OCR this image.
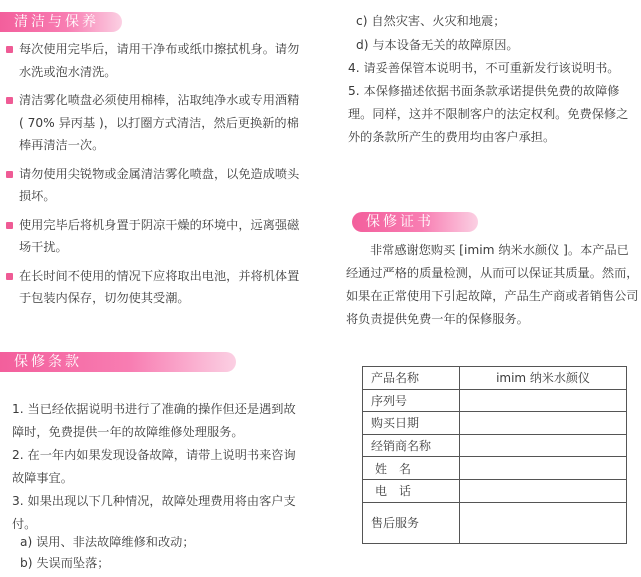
清洁与保养
每次使用完毕后，请用干净布或纸巾擦拭机身。请勿水洗或泡水清洗。
清洁雾化喷盘必须使用棉棒，沾取纯净水或专用酒精( 70% 异丙基 )，以打圈方式清洁，然后更换新的棉棒再清洁一次。
请勿使用尖锐物或金属清洁雾化喷盘，以免造成喷头损坏。
使用完毕后将机身置于阴凉干燥的环境中，远离强磁场干扰。
在长时间不使用的情况下应将取出电池，并将机体置于包装内保存，切勿使其受潮。
保修条款
1. 当已经依据说明书进行了准确的操作但还是遇到故障时，免费提供一年的故障维修处理服务。
2. 在一年内如果发现设备故障，请带上说明书来咨询故障事宜。
3. 如果出现以下几种情况，故障处理费用将由客户支付。
a) 误用、非法故障维修和改动；
b) 失误而坠落；
c) 自然灾害、火灾和地震；
d) 与本设备无关的故障原因。
4. 请妥善保管本说明书，不可重新发行该说明书。
5. 本保修描述依据书面条款承诺提供免费的故障修理。同样，这并不限制客户的法定权利。免费保修之外的条款所产生的费用均由客户承担。
保修证书
非常感谢您购买 [imim 纳米水颜仪 ]。本产品已经通过严格的质量检测，从而可以保证其质量。然而，如果在正常使用下引起故障，产品生产商或者销售公司将负责提供免费一年的保修服务。
产品名称	imim 纳米水颜仪
序列号	
购买日期	
经销商名称	
姓名	
电话	
售后服务	
